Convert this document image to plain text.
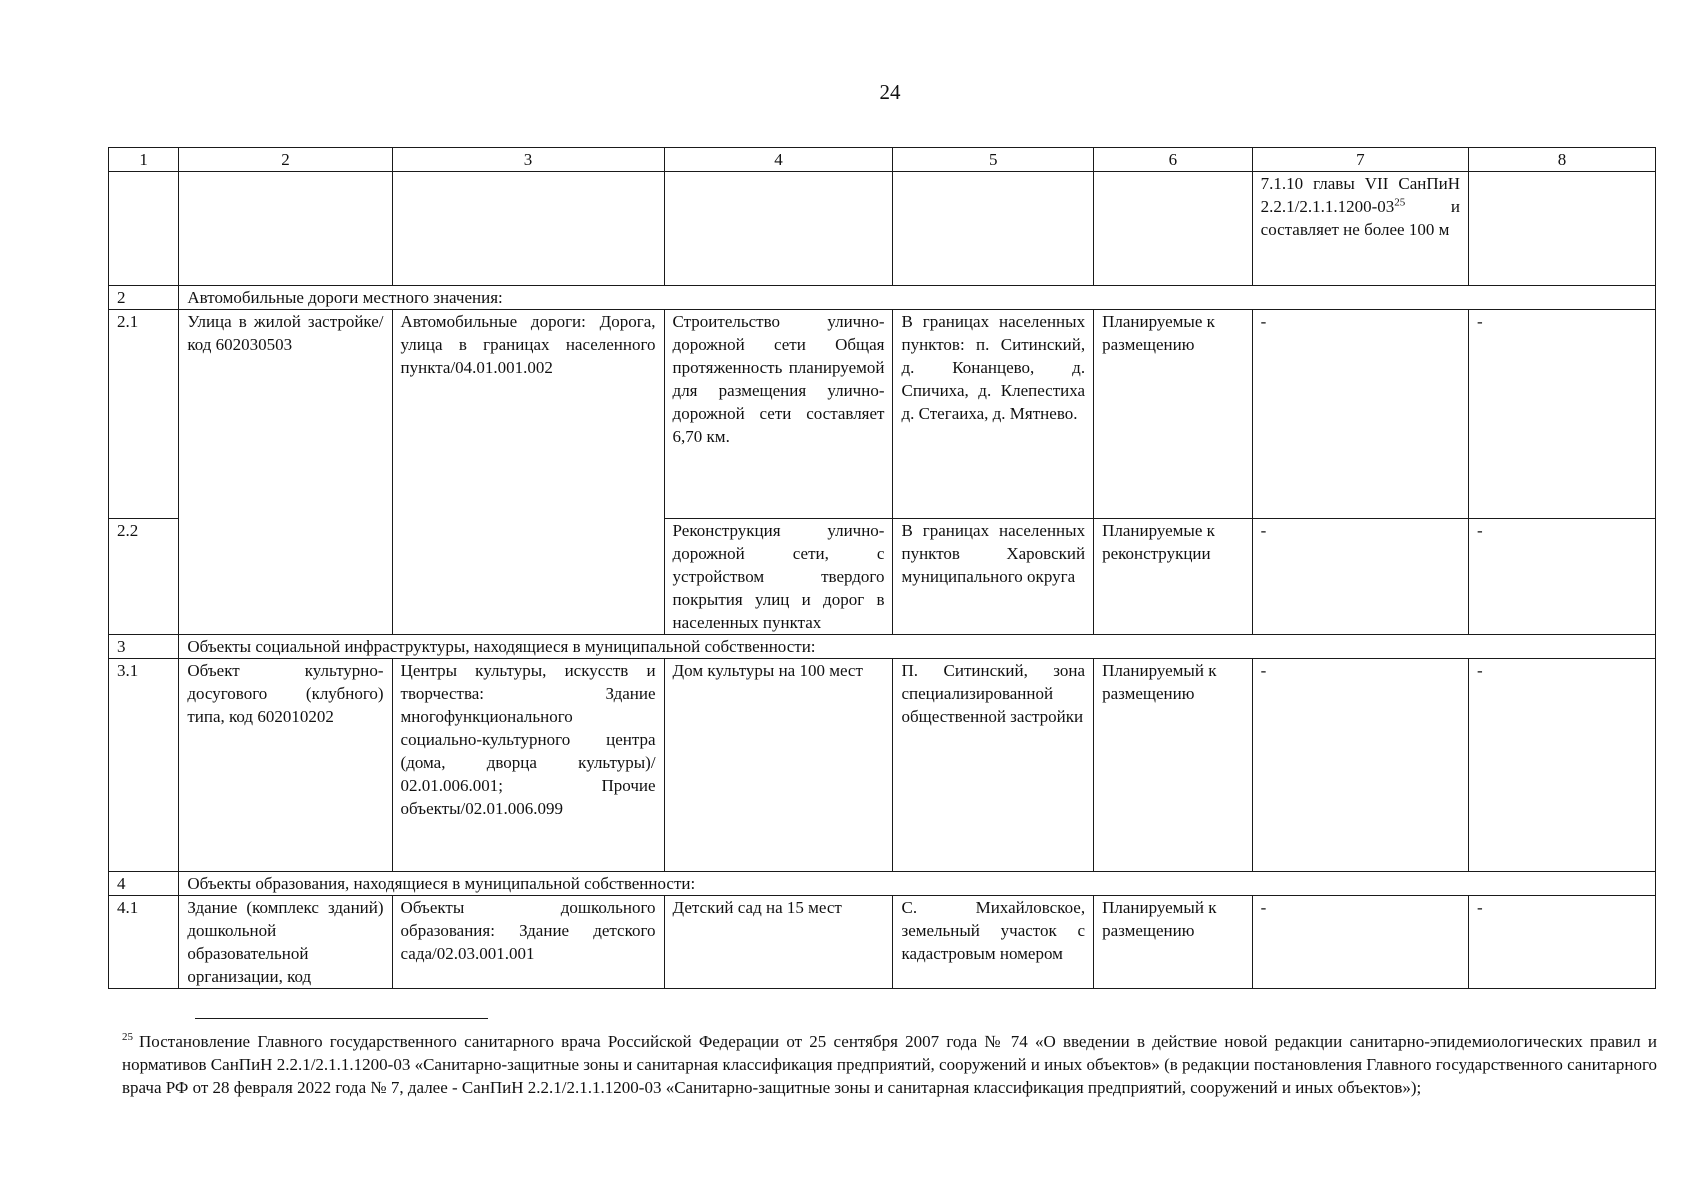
24
1	2	3	4	5	6	7	8
						7.1.10 главы VII СанПиН $2.2.1/2.1.1.1200-03^{25}$ и составляет не более 100 м	
2	Автомобильные дороги местного значения:						
2.1	Улица в жилой застройке/ код 602030503	Автомобильные дороги: Дорога, улица в границах населенного пункта/04.01.001.002	Строительство улично-дорожной сети Общая протяженность планируемой для размещения улично-дорожной сети составляет 6,70 км.	В границах населенных пунктов: п. Ситинский, д. Конанцево, д. Спичиха, д. Клепестиха д. Стегаиха, д. Мятнево.	Планируемые к размещению	-	-
2.2			Реконструкция улично-дорожной сети, с устройством твердого покрытия улиц и дорог в населенных пунктах	В границах населенных пунктов Харовский муниципального округа	Планируемые к реконструкции	-	-
3	Объекты социальной инфраструктуры, находящиеся в муниципальной собственности:						
3.1	Объект культурно-досугового (клубного) типа, код 602010202	Центры культуры, искусств и творчества: Здание многофункционального социально-культурного центра (дома, дворца культуры)/ 02.01.006.001; Прочие объекты/02.01.006.099	Дом культуры на 100 мест	П. Ситинский, зона специализированной общественной застройки	Планируемый к размещению	-	-
4	Объекты образования, находящиеся в муниципальной собственности:						
4.1	Здание (комплекс зданий) дошкольной образовательной организации, код	Объекты дошкольного образования: Здание детского сада/02.03.001.001	Детский сад на 15 мест	С. Михайловское, земельный участок с кадастровым номером	Планируемый к размещению	-	-
$^{25}$ Постановление Главного государственного санитарного врача Российской Федерации от 25 сентября 2007 года № 74 «О введении в действие новой редакции санитарно-эпидемиологических правил и нормативов СанПиН 2.2.1/2.1.1.1200-03 «Санитарно-защитные зоны и санитарная классификация предприятий, сооружений и иных объектов» (в редакции постановления Главного государственного санитарного врача РФ от 28 февраля 2022 года № 7, далее - СанПиН 2.2.1/2.1.1.1200-03 «Санитарно-защитные зоны и санитарная классификация предприятий, сооружений и иных объектов»);
